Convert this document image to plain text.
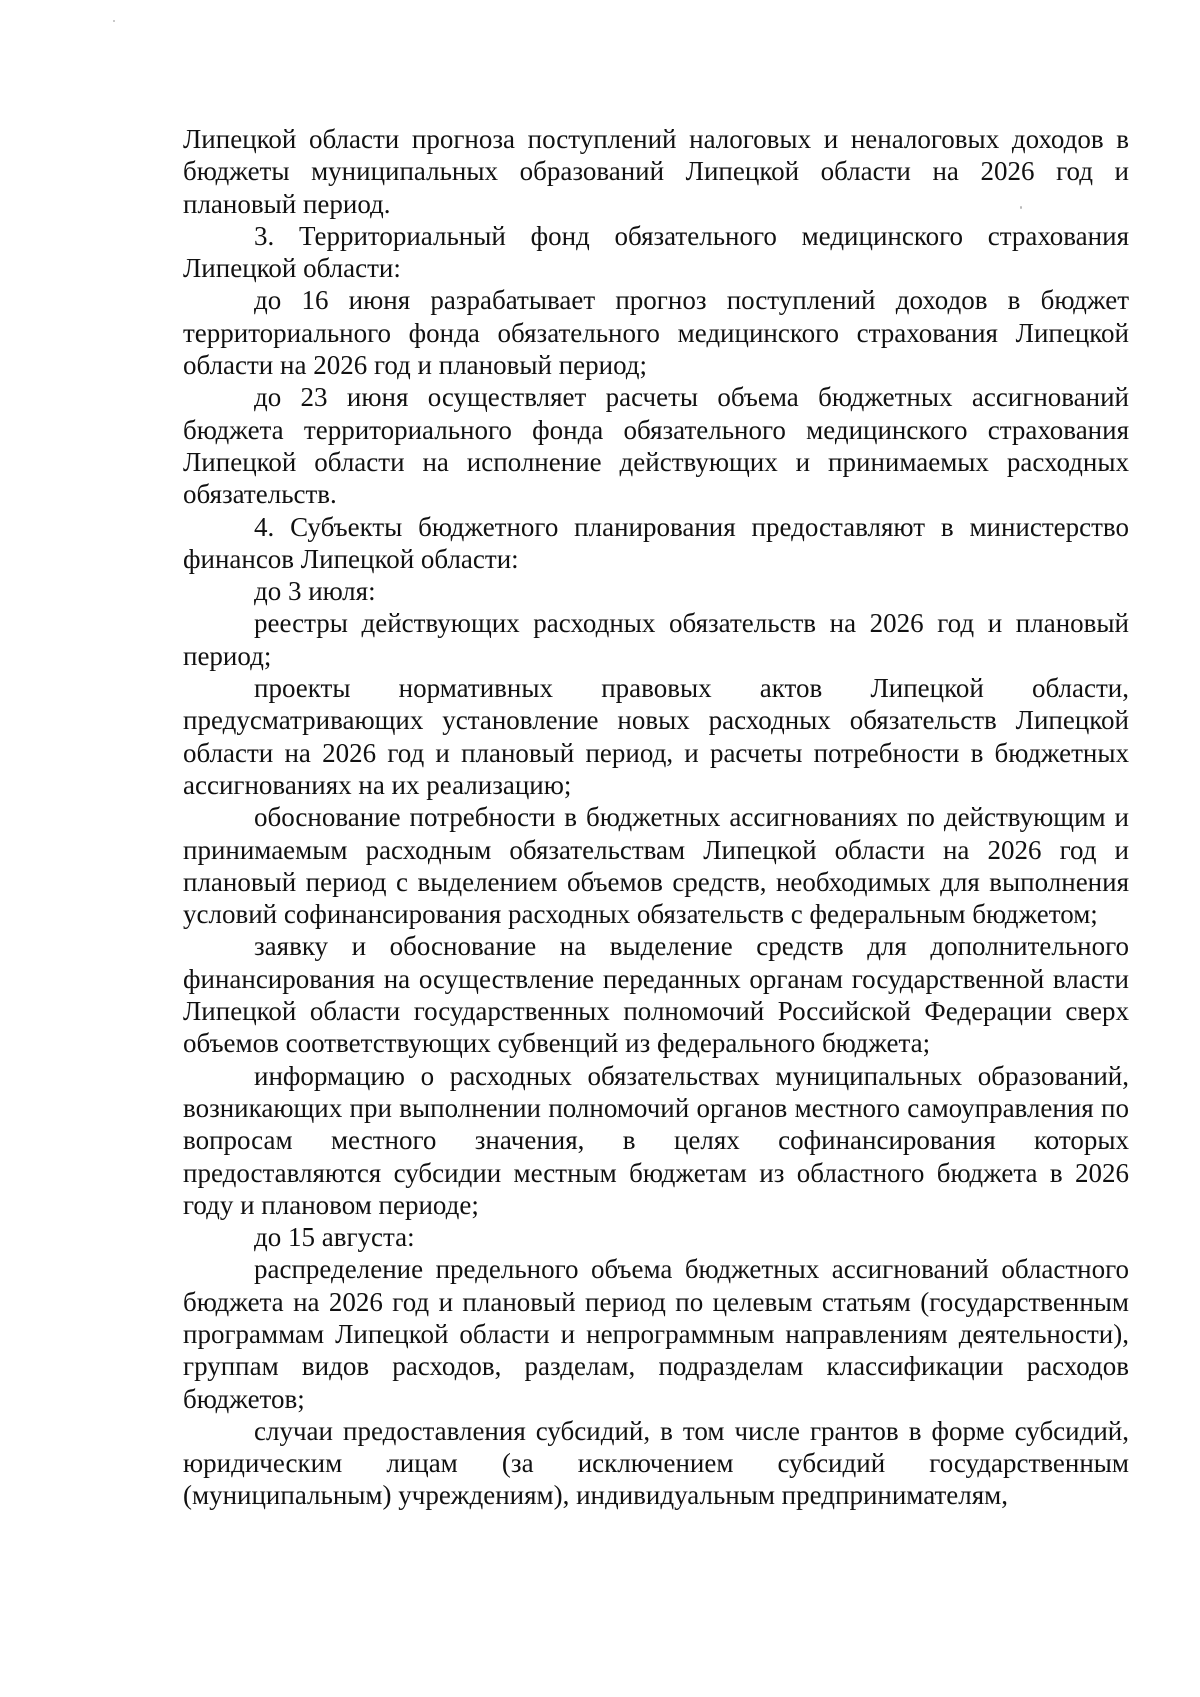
Липецкой области прогноза поступлений налоговых и неналоговых доходов в бюджеты муниципальных образований Липецкой области на 2026 год и плановый период.

3. Территориальный фонд обязательного медицинского страхования Липецкой области:

до 16 июня разрабатывает прогноз поступлений доходов в бюджет территориального фонда обязательного медицинского страхования Липецкой области на 2026 год и плановый период;

до 23 июня осуществляет расчеты объема бюджетных ассигнований бюджета территориального фонда обязательного медицинского страхования Липецкой области на исполнение действующих и принимаемых расходных обязательств.

4. Субъекты бюджетного планирования предоставляют в министерство финансов Липецкой области:

до 3 июля:

реестры действующих расходных обязательств на 2026 год и плановый период;

проекты нормативных правовых актов Липецкой области, предусматривающих установление новых расходных обязательств Липецкой области на 2026 год и плановый период, и расчеты потребности в бюджетных ассигнованиях на их реализацию;

обоснование потребности в бюджетных ассигнованиях по действующим и принимаемым расходным обязательствам Липецкой области на 2026 год и плановый период с выделением объемов средств, необходимых для выполнения условий софинансирования расходных обязательств с федеральным бюджетом;

заявку и обоснование на выделение средств для дополнительного финансирования на осуществление переданных органам государственной власти Липецкой области государственных полномочий Российской Федерации сверх объемов соответствующих субвенций из федерального бюджета;

информацию о расходных обязательствах муниципальных образований, возникающих при выполнении полномочий органов местного самоуправления по вопросам местного значения, в целях софинансирования которых предоставляются субсидии местным бюджетам из областного бюджета в 2026 году и плановом периоде;

до 15 августа:

распределение предельного объема бюджетных ассигнований областного бюджета на 2026 год и плановый период по целевым статьям (государственным программам Липецкой области и непрограммным направлениям деятельности), группам видов расходов, разделам, подразделам классификации расходов бюджетов;

случаи предоставления субсидий, в том числе грантов в форме субсидий, юридическим лицам (за исключением субсидий государственным (муниципальным) учреждениям), индивидуальным предпринимателям,
